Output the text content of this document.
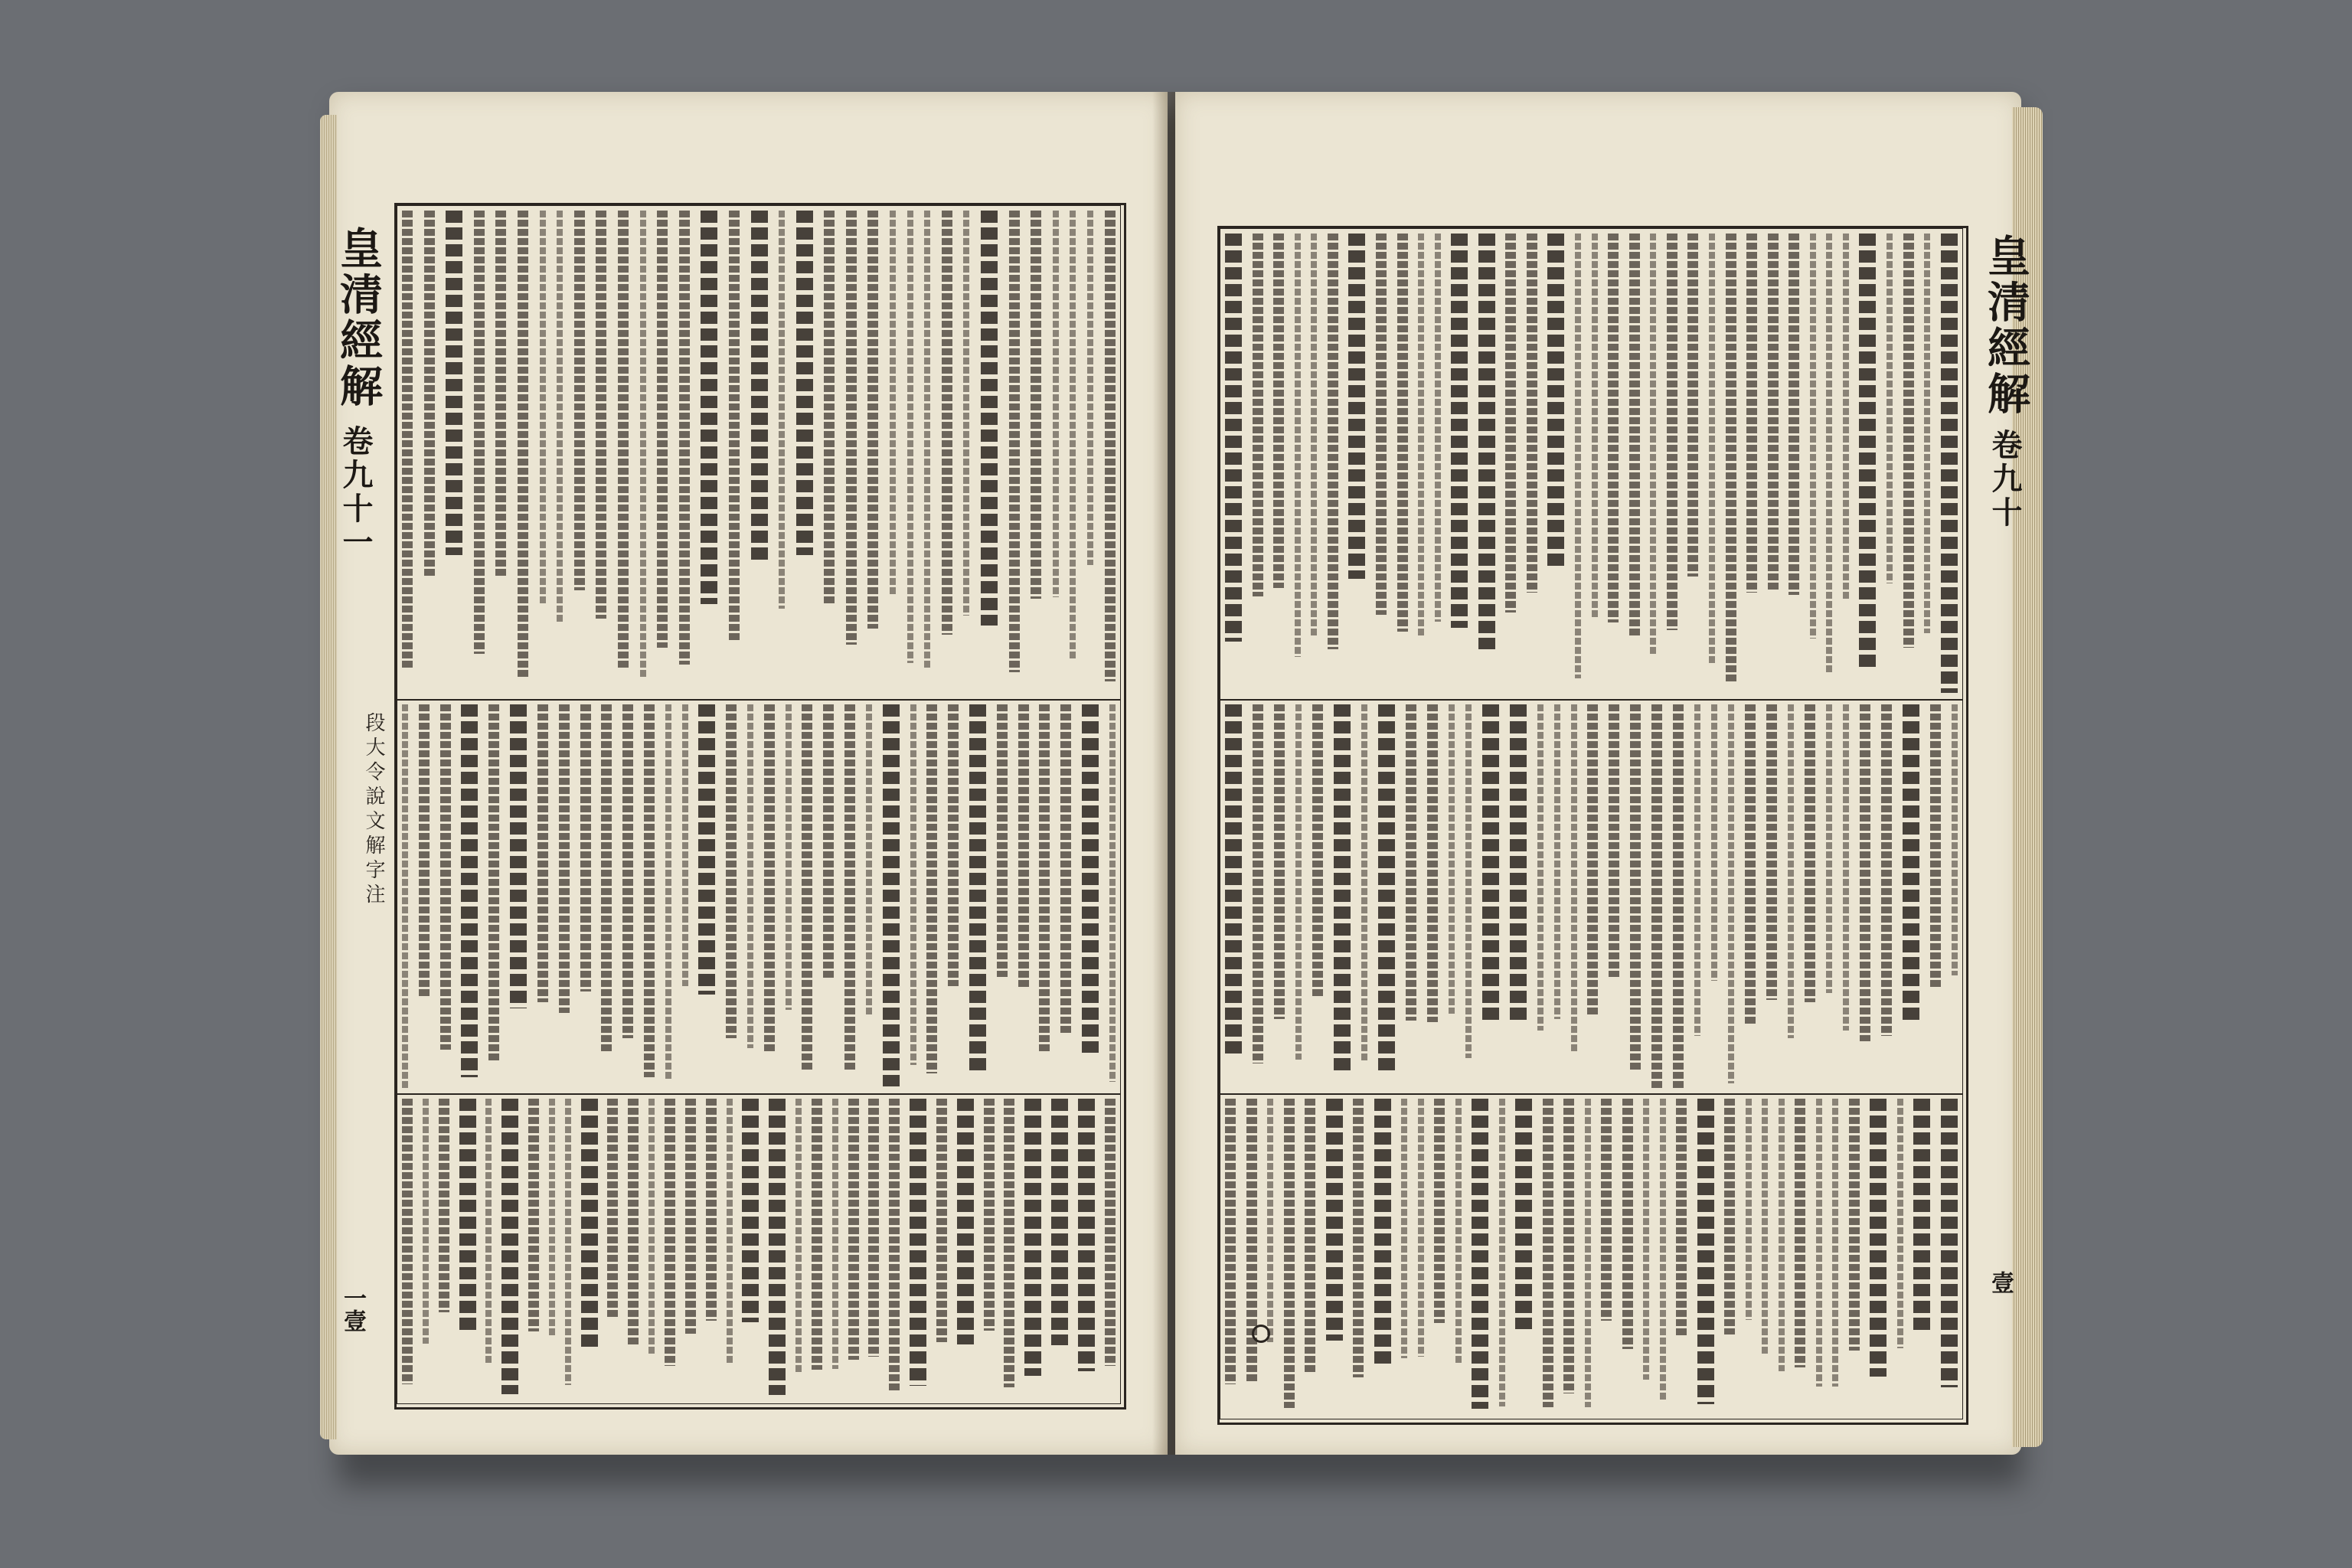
皇清經解
卷九十一
段大令說文解字注
一壹
皇清經解
卷九十
壹
